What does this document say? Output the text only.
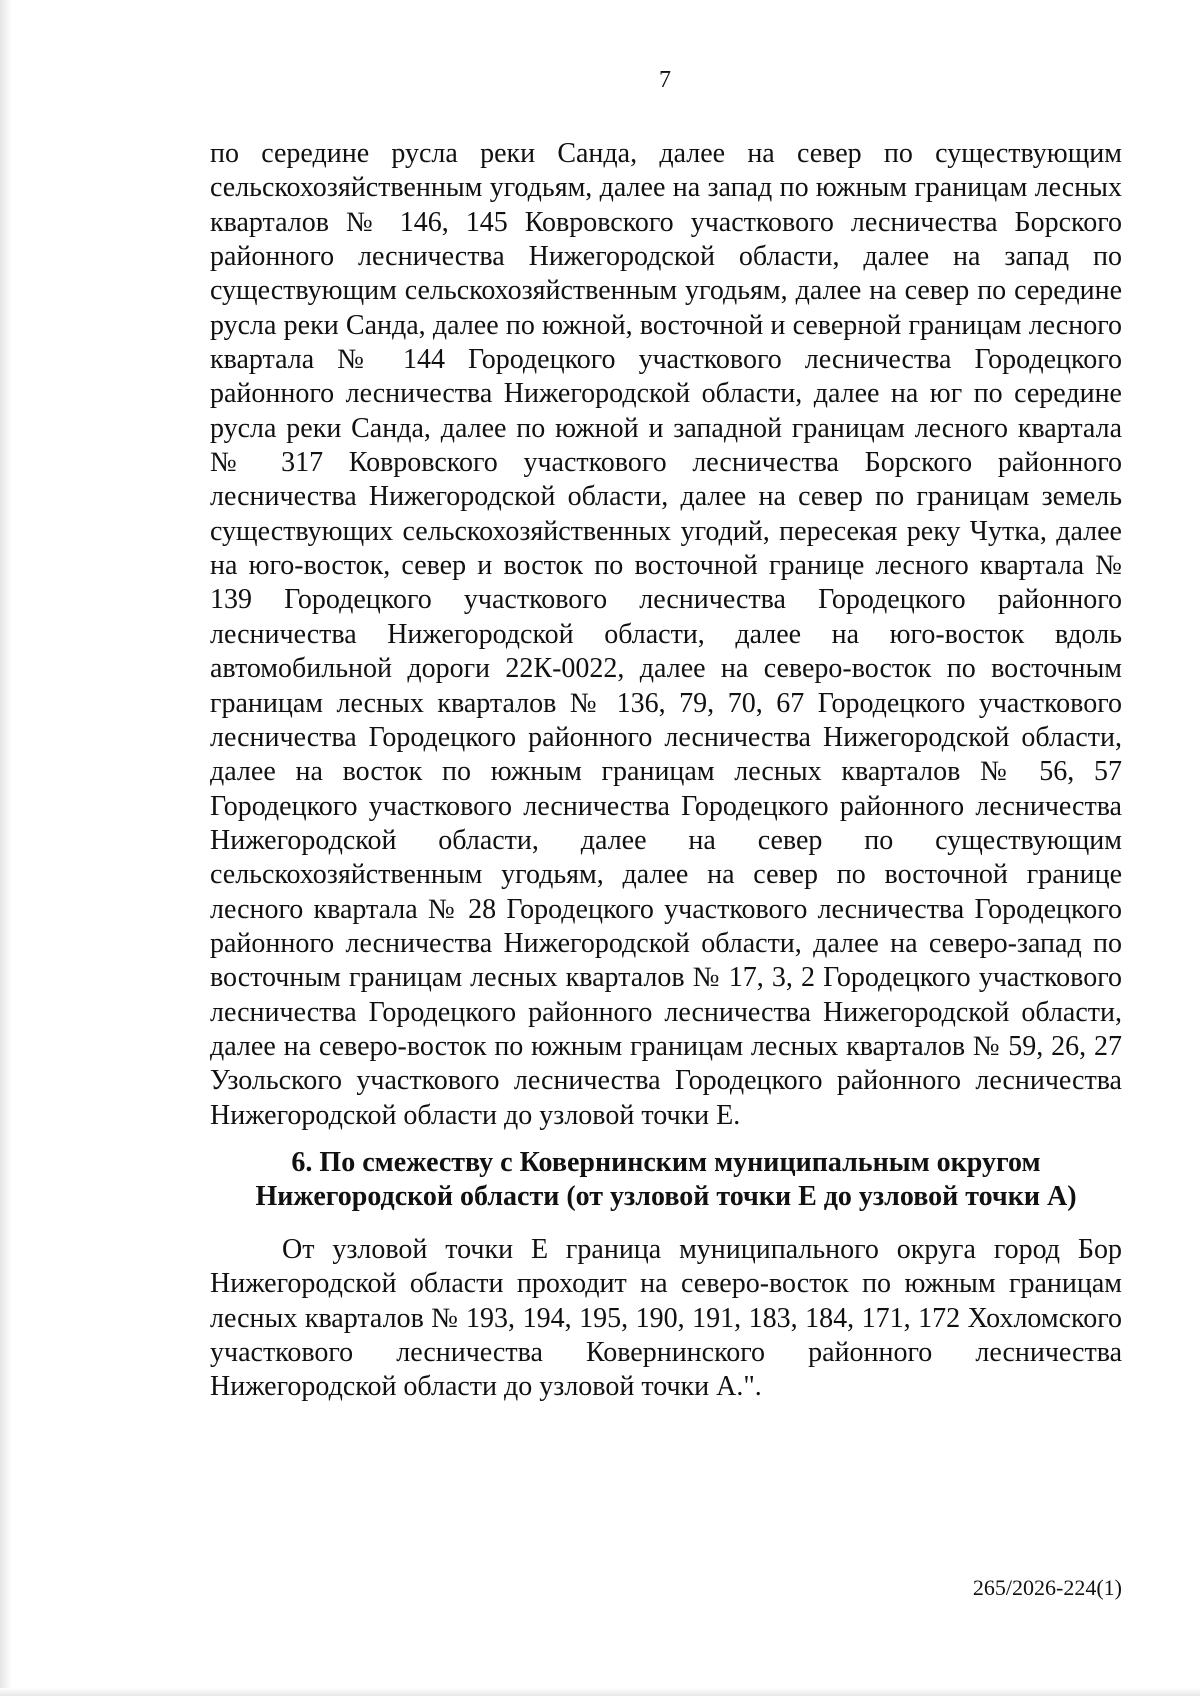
7

по середине русла реки Санда, далее на север по существующим сельскохозяйственным угодьям, далее на запад по южным границам лесных кварталов № 146, 145 Ковровского участкового лесничества Борского районного лесничества Нижегородской области, далее на запад по существующим сельскохозяйственным угодьям, далее на север по середине русла реки Санда, далее по южной, восточной и северной границам лесного квартала № 144 Городецкого участкового лесничества Городецкого районного лесничества Нижегородской области, далее на юг по середине русла реки Санда, далее по южной и западной границам лесного квартала № 317 Ковровского участкового лесничества Борского районного лесничества Нижегородской области, далее на север по границам земель существующих сельскохозяйственных угодий, пересекая реку Чутка, далее на юго-восток, север и восток по восточной границе лесного квартала № 139 Городецкого участкового лесничества Городецкого районного лесничества Нижегородской области, далее на юго-восток вдоль автомобильной дороги 22К-0022, далее на северо-восток по восточным границам лесных кварталов № 136, 79, 70, 67 Городецкого участкового лесничества Городецкого районного лесничества Нижегородской области, далее на восток по южным границам лесных кварталов № 56, 57 Городецкого участкового лесничества Городецкого районного лесничества Нижегородской области, далее на север по существующим сельскохозяйственным угодьям, далее на север по восточной границе лесного квартала № 28 Городецкого участкового лесничества Городецкого районного лесничества Нижегородской области, далее на северо-запад по восточным границам лесных кварталов № 17, 3, 2 Городецкого участкового лесничества Городецкого районного лесничества Нижегородской области, далее на северо-восток по южным границам лесных кварталов № 59, 26, 27 Узольского участкового лесничества Городецкого районного лесничества Нижегородской области до узловой точки Е.

6. По смежеству с Ковернинским муниципальным округом
Нижегородской области (от узловой точки Е до узловой точки А)

От узловой точки Е граница муниципального округа город Бор Нижегородской области проходит на северо-восток по южным границам лесных кварталов № 193, 194, 195, 190, 191, 183, 184, 171, 172 Хохломского участкового лесничества Ковернинского районного лесничества Нижегородской области до узловой точки А.".

265/2026-224(1)
